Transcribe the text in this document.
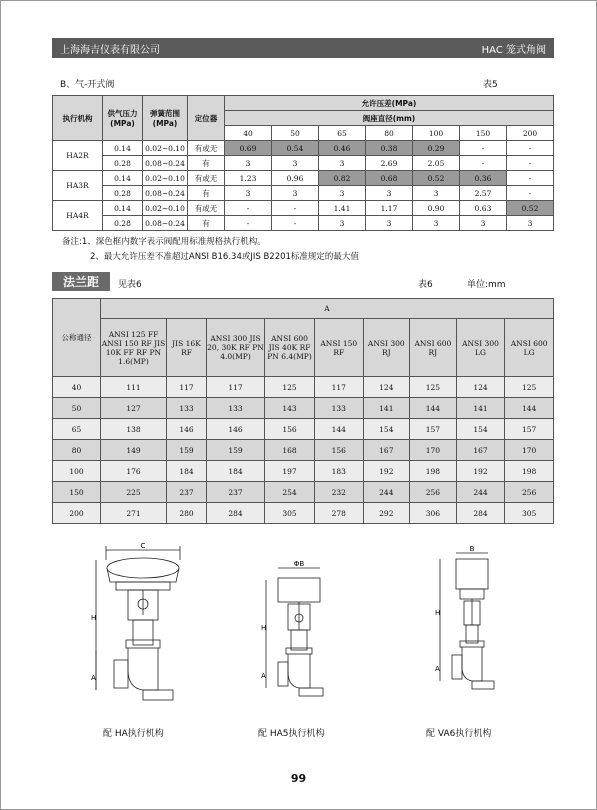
上海海吉仪表有限公司	HAC 笼式角阀
B、气-开式阀	表5
执行机构	供气压力(MPa)	弹簧范围(MPa)	定位器	允许压差(MPa)						
				阀座直径(mm)						
				40	50	65	80	100	150	200
HA2R	0.14	0.02~0.10	有或无	0.69	0.54	0.46	0.38	0.29	-	-
	0.28	0.08~0.24	有	3	3	3	2.69	2.05	-	-
HA3R	0.14	0.02~0.10	有或无	1.23	0.96	0.82	0.68	0.52	0.36	-
	0.28	0.08~0.24	有	3	3	3	3	3	2.57	-
HA4R	0.14	0.02~0.10	有或无	-	-	1.41	1.17	0.90	0.63	0.52
	0.28	0.08~0.24	有	-	-	3	3	3	3	3
备注:1、深色框内数字表示阀配用标准规格执行机构。
2、最大允许压差不准超过ANSI B16.34或JIS B2201标准规定的最大值
法兰距	见表6	表6	单位:mm
公称通径	A								
	ANSI 125 FF ANSI 150 RF JIS 10K FF RF PN 1.6(MP)	JIS 16K RF	ANSI 300 JIS 20, 30K RF PN 4.0(MP)	ANSI 600 JIS 40K RF PN 6.4(MP)	ANSI 150 RF	ANSI 300 RJ	ANSI 600 RJ	ANSI 300 LG	ANSI 600 LG
40	111	117	117	125	117	124	125	124	125
50	127	133	133	143	133	141	144	141	144
65	138	146	146	156	144	154	157	154	157
80	149	159	159	168	156	167	170	167	170
100	176	184	184	197	183	192	198	192	198
150	225	237	237	254	232	244	256	244	256
200	271	280	284	305	278	292	306	284	305
C
H
A
ΦB
H
A
B
H
A
配 HA执行机构	配 HA5执行机构	配 VA6执行机构
99
